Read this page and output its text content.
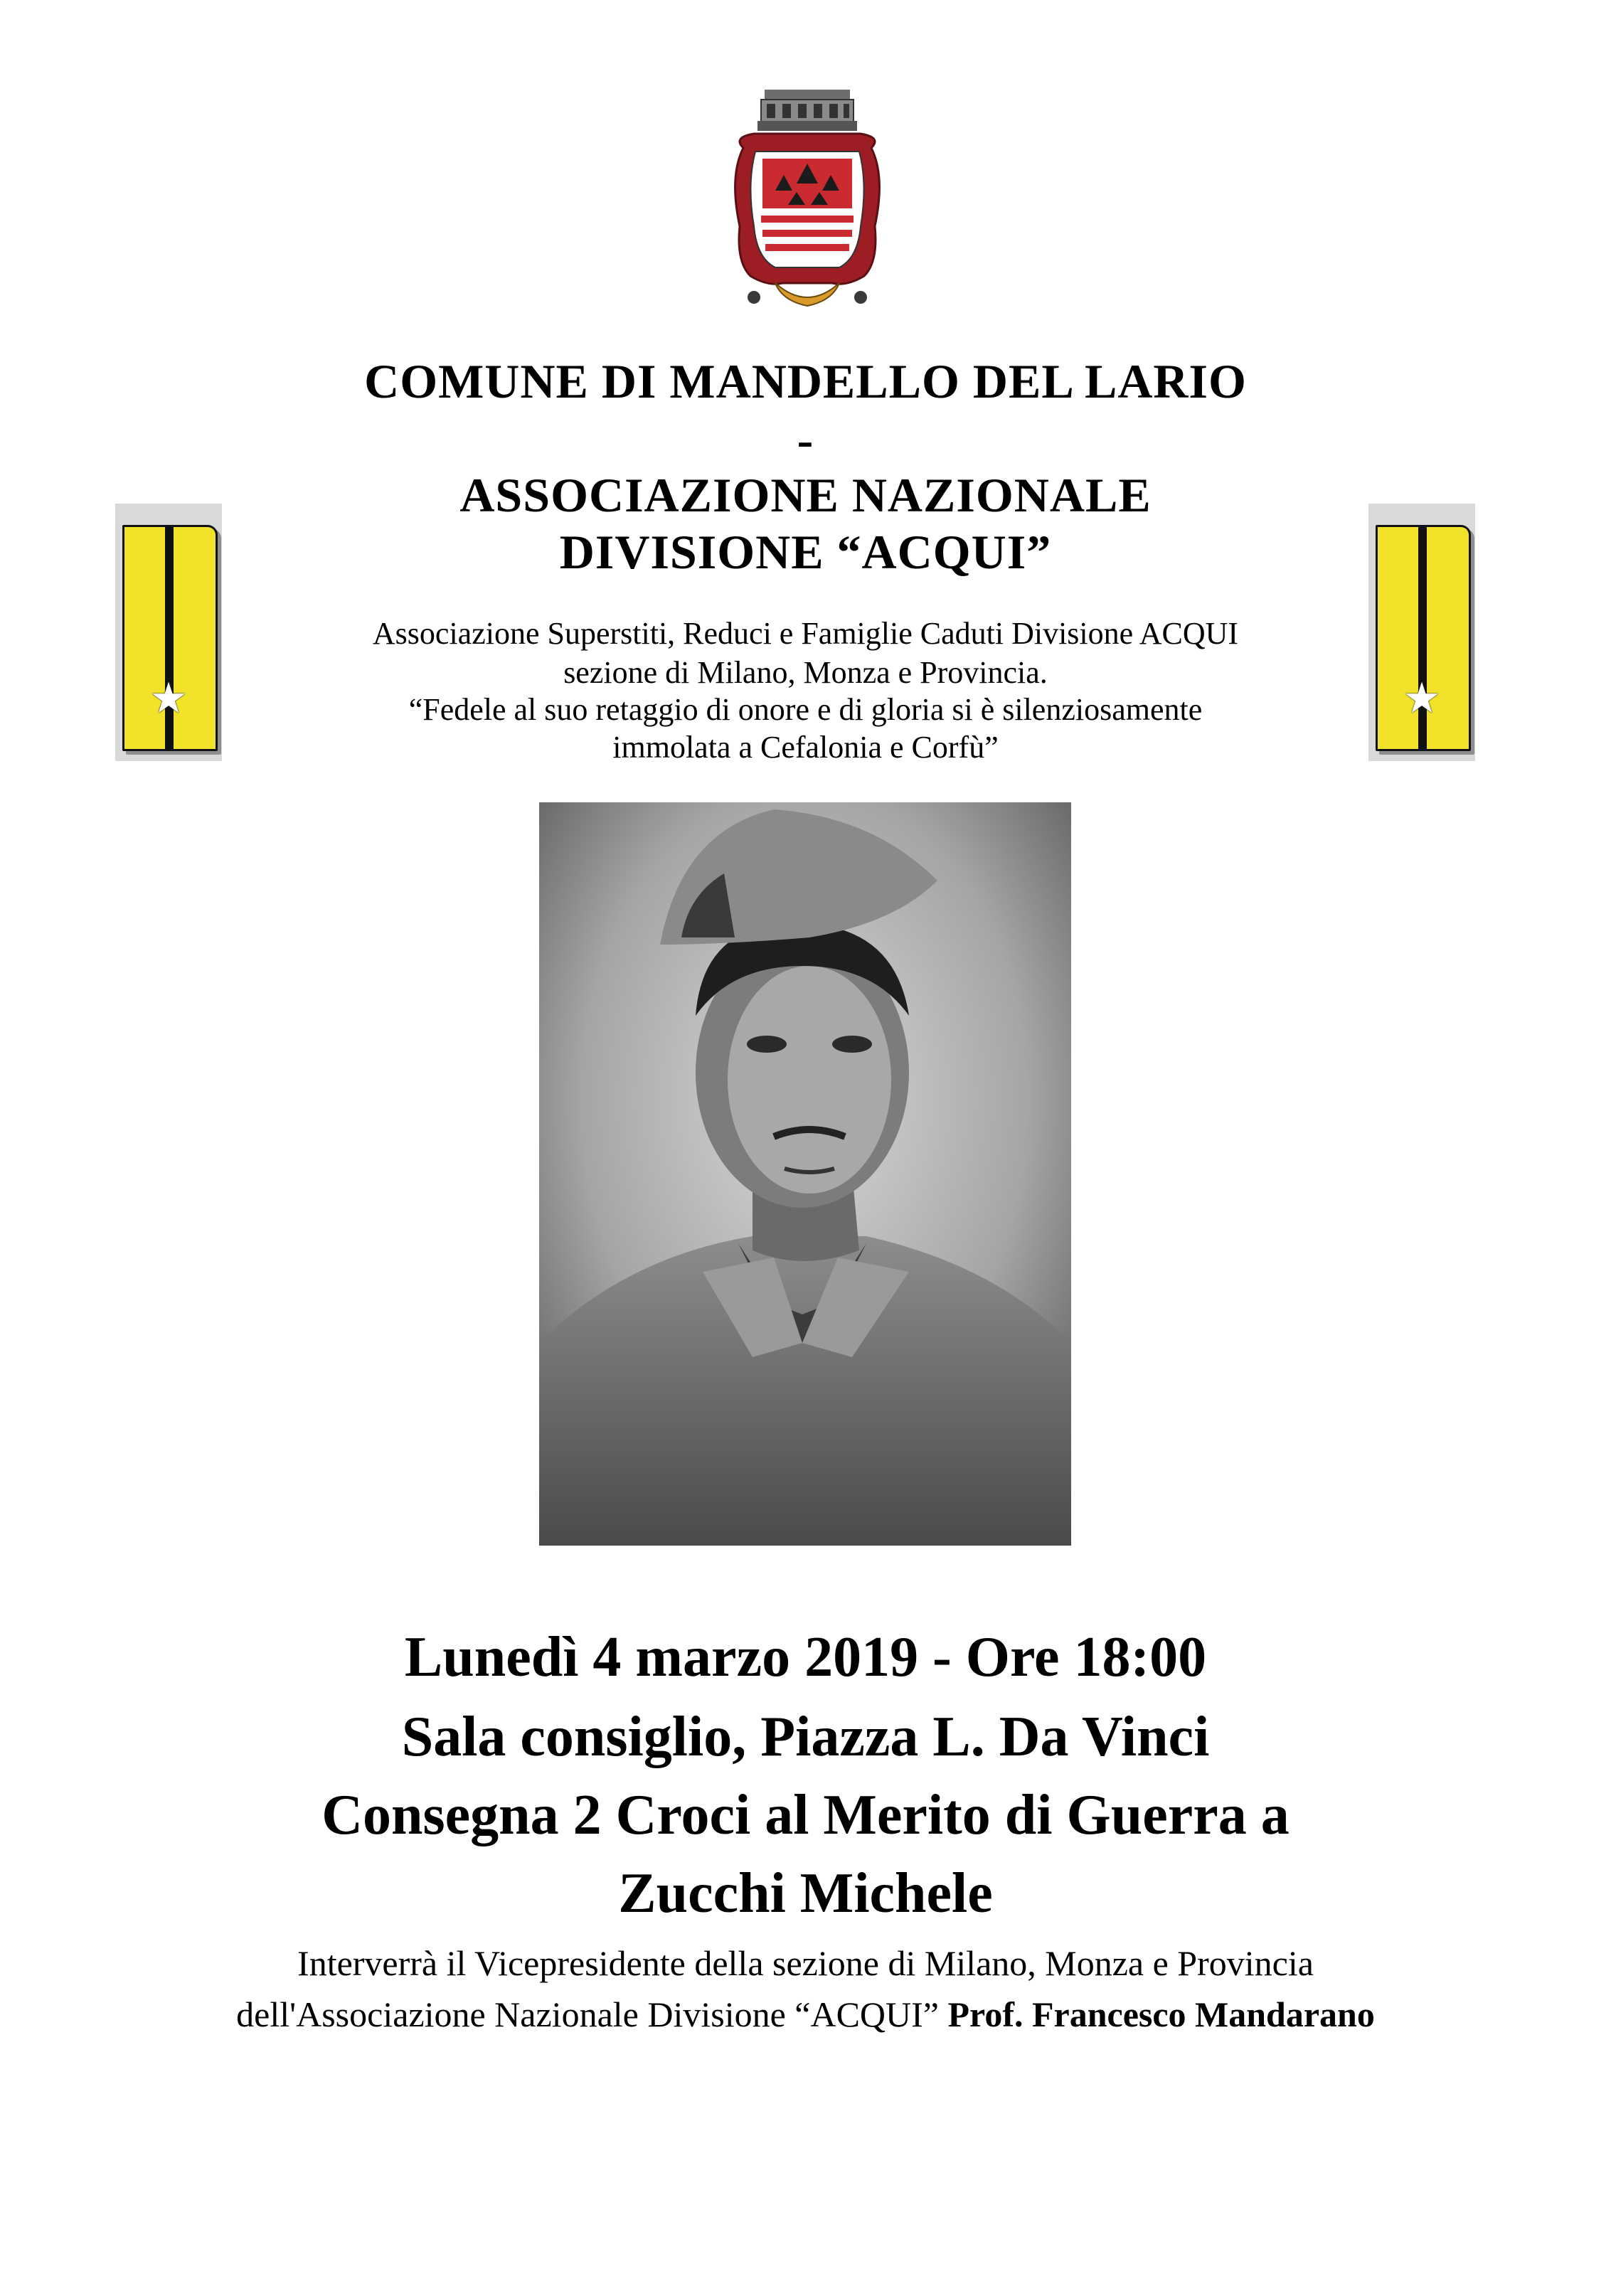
★	★
COMUNE DI MANDELLO DEL LARIO
-
ASSOCIAZIONE NAZIONALE
DIVISIONE “ACQUI”
Associazione Superstiti, Reduci e Famiglie Caduti Divisione ACQUI
sezione di Milano, Monza e Provincia.
“Fedele al suo retaggio di onore e di gloria si è silenziosamente
immolata a Cefalonia e Corfù”
Lunedì 4 marzo 2019 - Ore 18:00
Sala consiglio, Piazza L. Da Vinci
Consegna 2 Croci al Merito di Guerra a
Zucchi Michele
Interverrà il Vicepresidente della sezione di Milano, Monza e Provincia
dell'Associazione Nazionale Divisione “ACQUI” Prof. Francesco Mandarano
